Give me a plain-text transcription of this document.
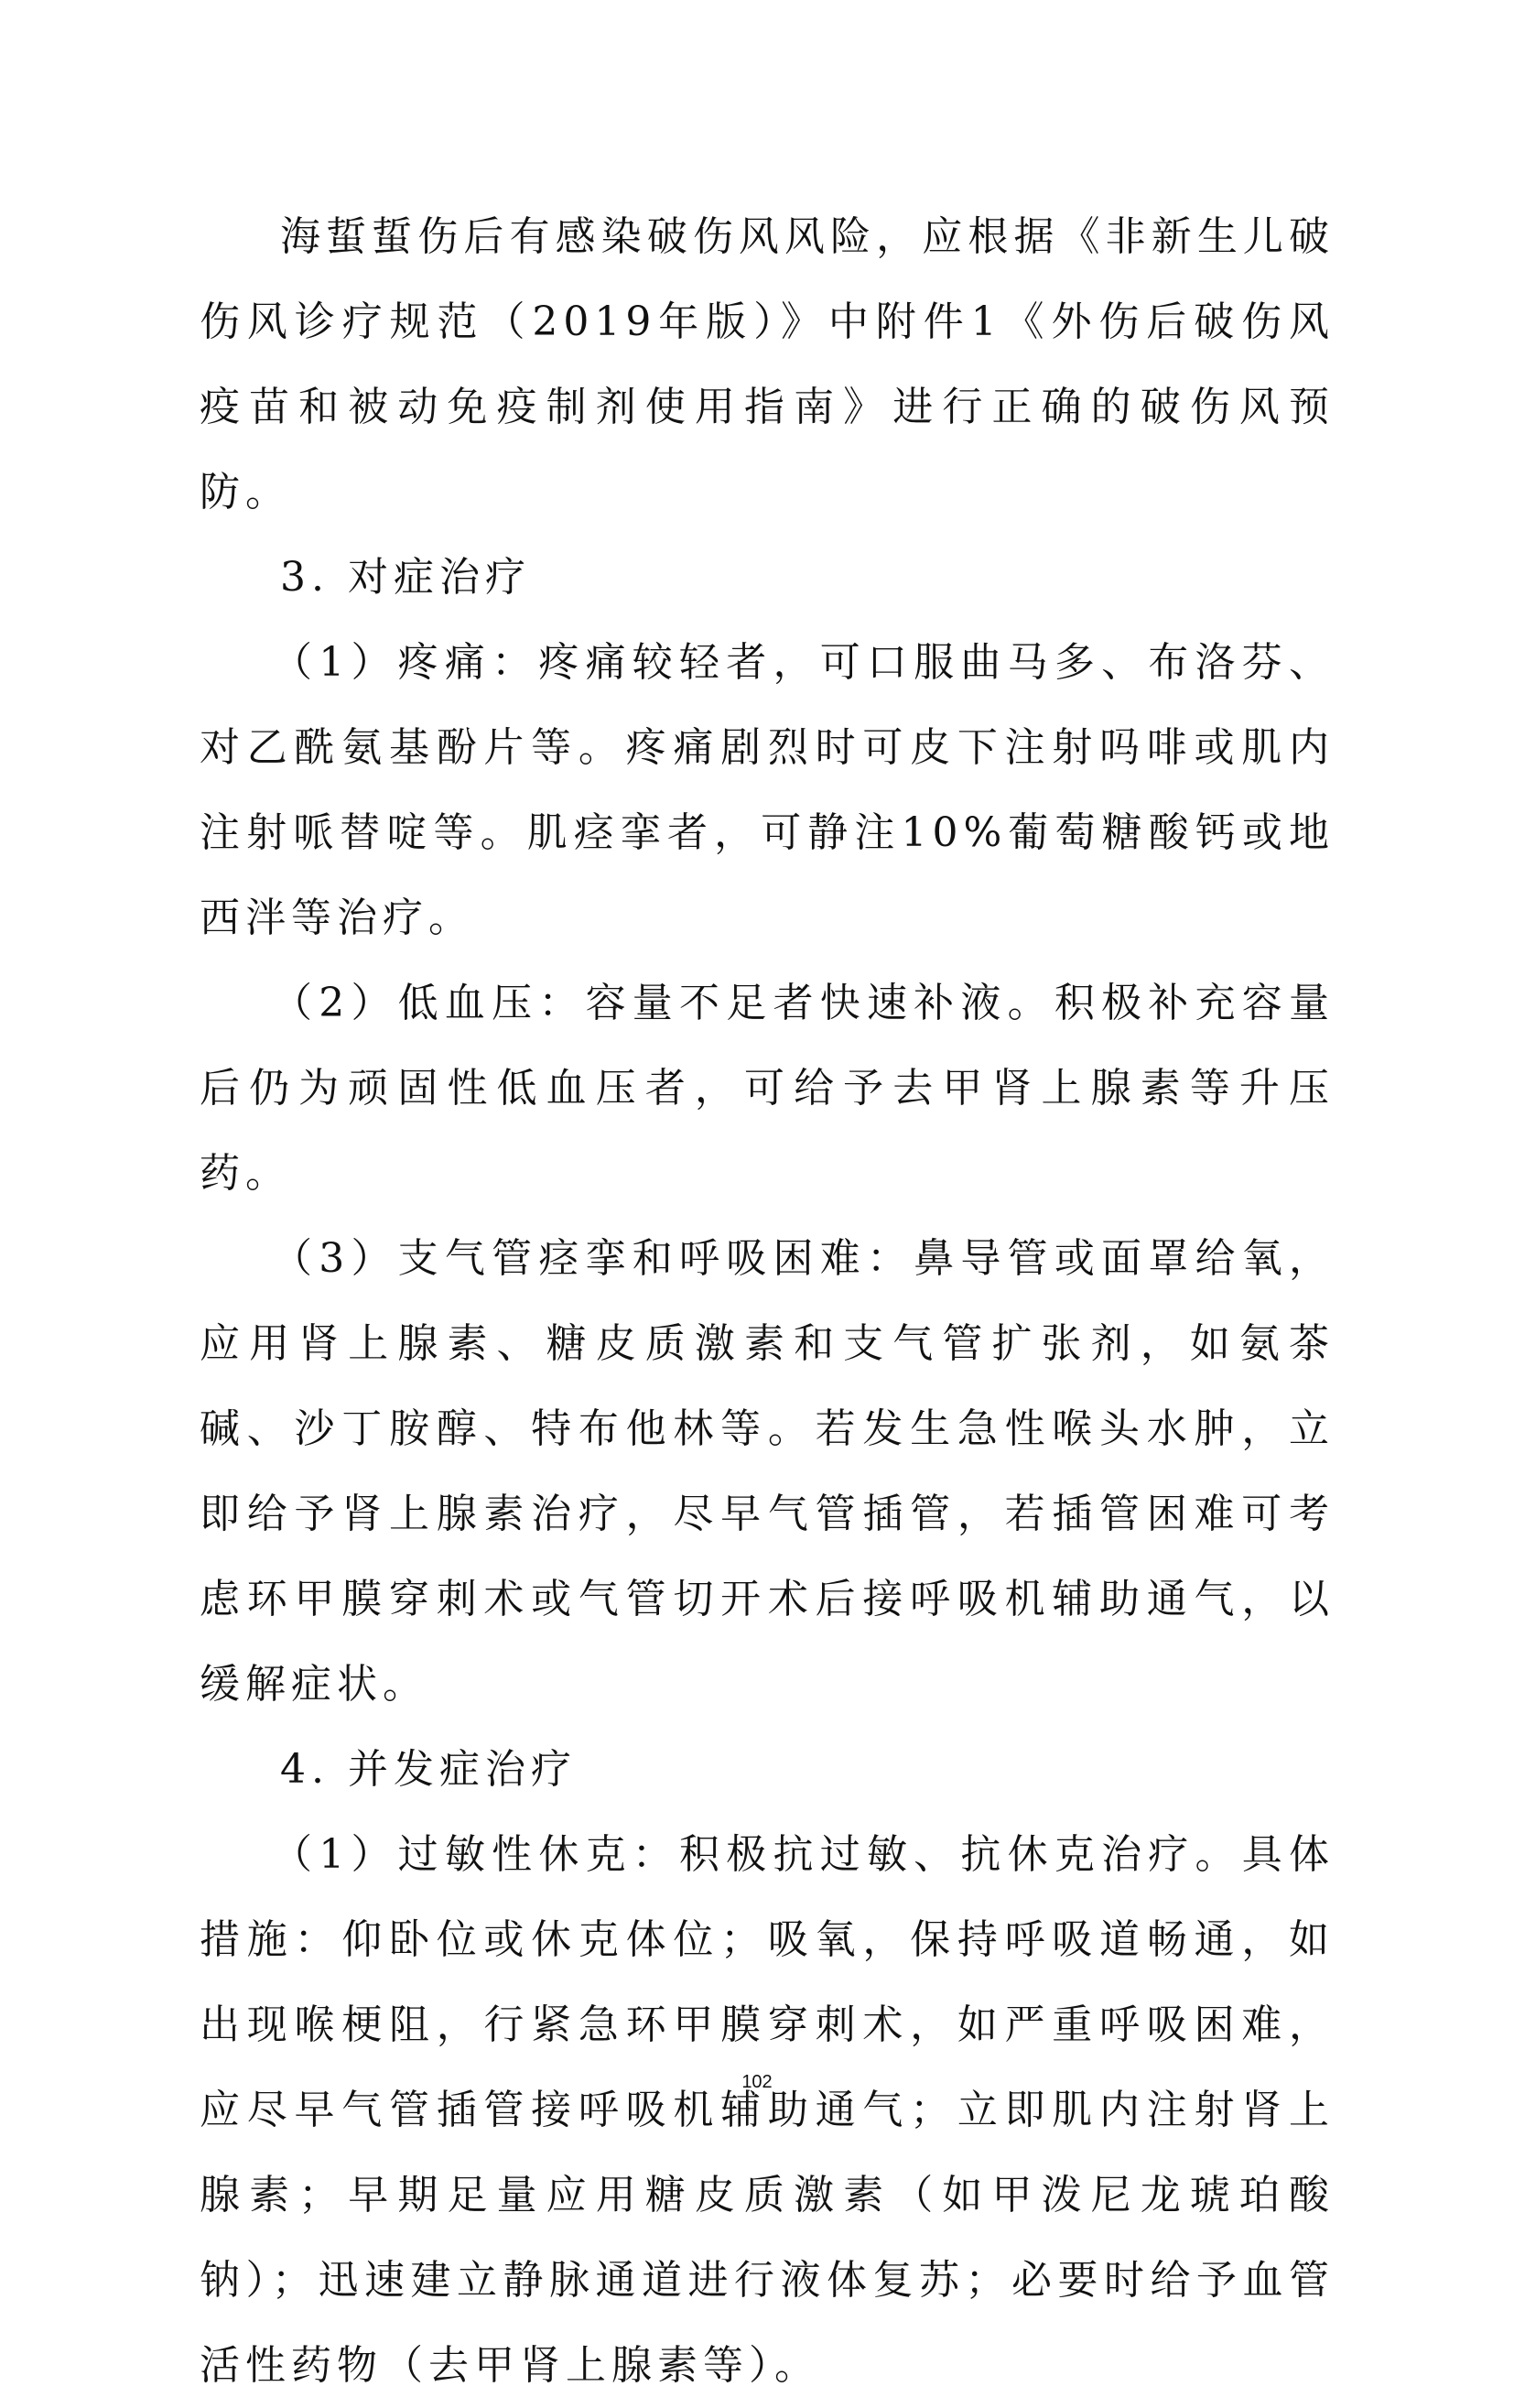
海蜇蜇伤后有感染破伤风风险，应根据《非新生儿破伤风诊疗规范（2019年版）》中附件1《外伤后破伤风疫苗和被动免疫制剂使用指南》进行正确的破伤风预防。

3. 对症治疗

（1）疼痛：疼痛较轻者，可口服曲马多、布洛芬、对乙酰氨基酚片等。疼痛剧烈时可皮下注射吗啡或肌内注射哌替啶等。肌痉挛者，可静注10%葡萄糖酸钙或地西泮等治疗。

（2）低血压：容量不足者快速补液。积极补充容量后仍为顽固性低血压者，可给予去甲肾上腺素等升压药。

（3）支气管痉挛和呼吸困难：鼻导管或面罩给氧，应用肾上腺素、糖皮质激素和支气管扩张剂，如氨茶碱、沙丁胺醇、特布他林等。若发生急性喉头水肿，立即给予肾上腺素治疗，尽早气管插管，若插管困难可考虑环甲膜穿刺术或气管切开术后接呼吸机辅助通气，以缓解症状。

4. 并发症治疗

（1）过敏性休克：积极抗过敏、抗休克治疗。具体措施：仰卧位或休克体位；吸氧，保持呼吸道畅通，如出现喉梗阻，行紧急环甲膜穿刺术，如严重呼吸困难，应尽早气管插管接呼吸机辅助通气；立即肌内注射肾上腺素；早期足量应用糖皮质激素（如甲泼尼龙琥珀酸钠）；迅速建立静脉通道进行液体复苏；必要时给予血管活性药物（去甲肾上腺素等）。

102
